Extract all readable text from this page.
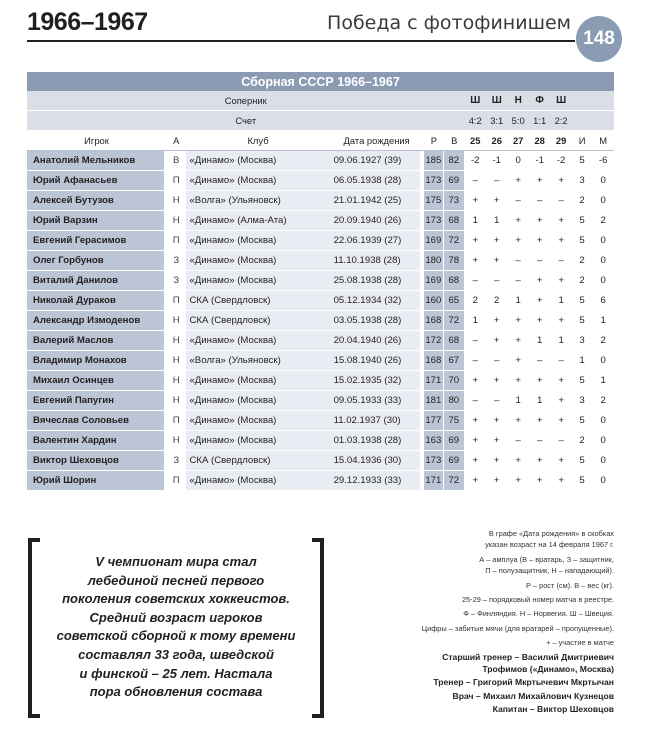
1966–1967	Победа с фотофинишем
148
Сборная СССР 1966–1967												
Соперник						Ш	Ш	Н	Ф	Ш		
Счет						4:2	3:1	5:0	1:1	2:2		
Игрок	А	Клуб	Дата рождения	Р	В	25	26	27	28	29	И	М
Анатолий Мельников	В	«Динамо» (Москва)	09.06.1927 (39)	185	82	-2	-1	0	-1	-2	5	-6
Юрий Афанасьев	П	«Динамо» (Москва)	06.05.1938 (28)	173	69	–	–	+	+	+	3	0
Алексей Бутузов	Н	«Волга» (Ульяновск)	21.01.1942 (25)	175	73	+	+	–	–	–	2	0
Юрий Варзин	Н	«Динамо» (Алма-Ата)	20.09.1940 (26)	173	68	1	1	+	+	+	5	2
Евгений Герасимов	П	«Динамо» (Москва)	22.06.1939 (27)	169	72	+	+	+	+	+	5	0
Олег Горбунов	З	«Динамо» (Москва)	11.10.1938 (28)	180	78	+	+	–	–	–	2	0
Виталий Данилов	З	«Динамо» (Москва)	25.08.1938 (28)	169	68	–	–	–	+	+	2	0
Николай Дураков	П	СКА (Свердловск)	05.12.1934 (32)	160	65	2	2	1	+	1	5	6
Александр Измоденов	Н	СКА (Свердловск)	03.05.1938 (28)	168	72	1	+	+	+	+	5	1
Валерий Маслов	Н	«Динамо» (Москва)	20.04.1940 (26)	172	68	–	+	+	1	1	3	2
Владимир Монахов	Н	«Волга» (Ульяновск)	15.08.1940 (26)	168	67	–	–	+	–	–	1	0
Михаил Осинцев	Н	«Динамо» (Москва)	15.02.1935 (32)	171	70	+	+	+	+	+	5	1
Евгений Папугин	Н	«Динамо» (Москва)	09.05.1933 (33)	181	80	–	–	1	1	+	3	2
Вячеслав Соловьев	П	«Динамо» (Москва)	11.02.1937 (30)	177	75	+	+	+	+	+	5	0
Валентин Хардин	Н	«Динамо» (Москва)	01.03.1938 (28)	163	69	+	+	–	–	–	2	0
Виктор Шеховцов	З	СКА (Свердловск)	15.04.1936 (30)	173	69	+	+	+	+	+	5	0
Юрий Шорин	П	«Динамо» (Москва)	29.12.1933 (33)	171	72	+	+	+	+	+	5	0
V чемпионат мира стал
лебединой песней первого
поколения советских хоккеистов.
Средний возраст игроков
советской сборной к тому времени
составлял 33 года, шведской
и финской – 25 лет. Настала
пора обновления состава

В графе «Дата рождения» в скобках

указан возраст на 14 февраля 1967 г.

А – амплуа (В – вратарь, З – защитник,

П – полузащитник, Н – нападающий).

Р – рост (см). В – вес (кг).

25-29 – порядковый номер матча в реестре.

Ф – Финляндия. Н – Норвегия. Ш – Швеция.

Цифры – забитые мячи (для вратарей – пропущенные).

+ – участие в матче

Старший тренер – Василий Дмитриевич

Трофимов («Динамо», Москва)

Тренер – Григорий Мкртычевич Мкртычан

Врач – Михаил Михайлович Кузнецов

Капитан – Виктор Шеховцов
